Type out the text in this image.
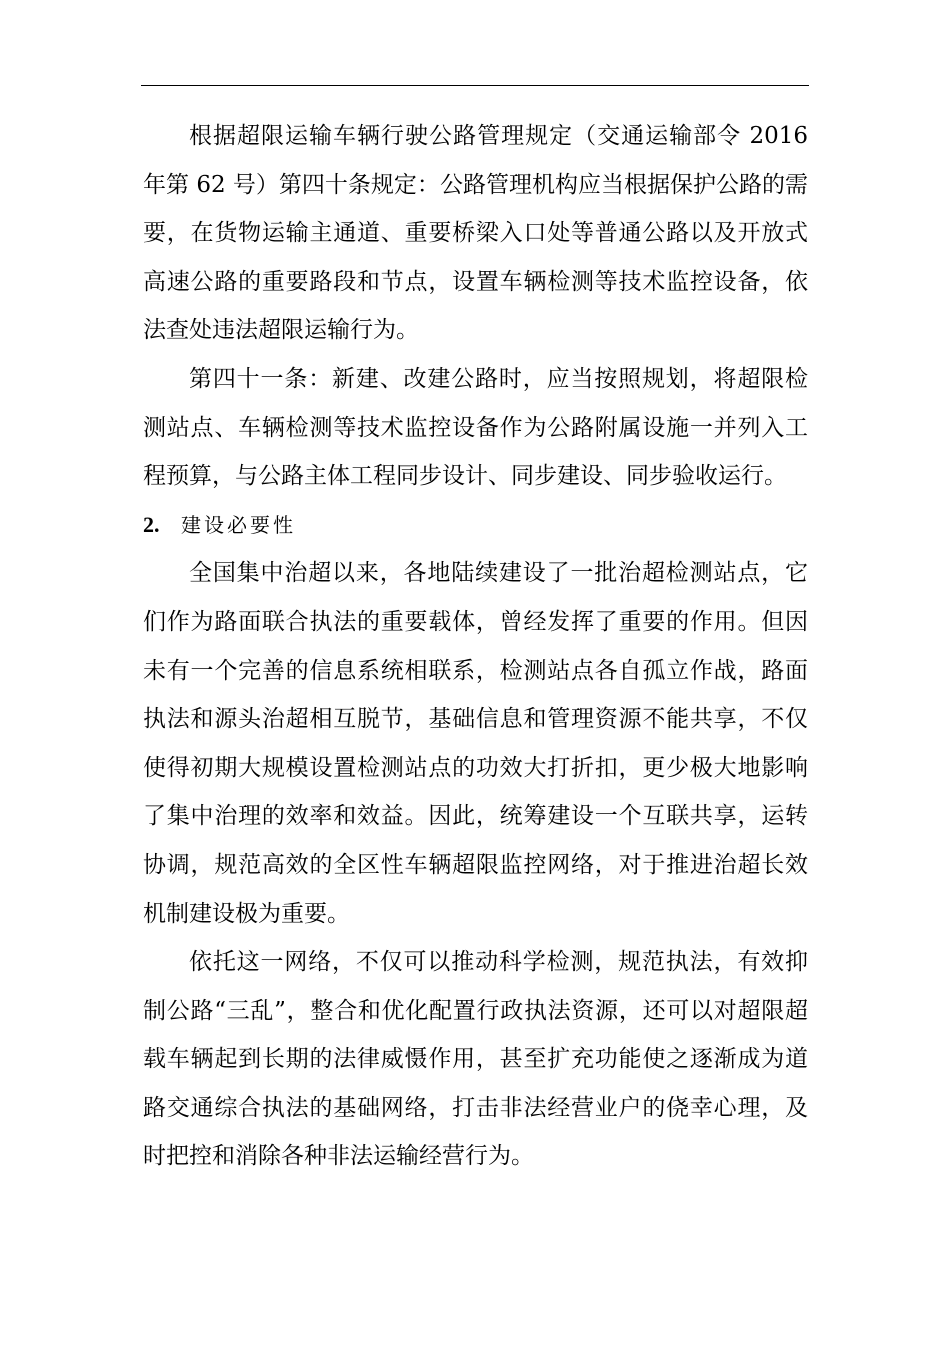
根据超限运输车辆行驶公路管理规定（交通运输部令 2016 年第 62 号）第四十条规定：公路管理机构应当根据保护公路的需要，在货物运输主通道、重要桥梁入口处等普通公路以及开放式高速公路的重要路段和节点，设置车辆检测等技术监控设备，依法查处违法超限运输行为。

第四十一条：新建、改建公路时，应当按照规划，将超限检测站点、车辆检测等技术监控设备作为公路附属设施一并列入工程预算，与公路主体工程同步设计、同步建设、同步验收运行。

2.	建设必要性

全国集中治超以来，各地陆续建设了一批治超检测站点，它们作为路面联合执法的重要载体，曾经发挥了重要的作用。但因未有一个完善的信息系统相联系，检测站点各自孤立作战，路面执法和源头治超相互脱节，基础信息和管理资源不能共享，不仅使得初期大规模设置检测站点的功效大打折扣，更少极大地影响了集中治理的效率和效益。因此，统筹建设一个互联共享，运转协调，规范高效的全区性车辆超限监控网络，对于推进治超长效机制建设极为重要。

依托这一网络，不仅可以推动科学检测，规范执法，有效抑制公路“三乱”，整合和优化配置行政执法资源，还可以对超限超载车辆起到长期的法律威慑作用，甚至扩充功能使之逐渐成为道路交通综合执法的基础网络，打击非法经营业户的侥幸心理，及时把控和消除各种非法运输经营行为。
